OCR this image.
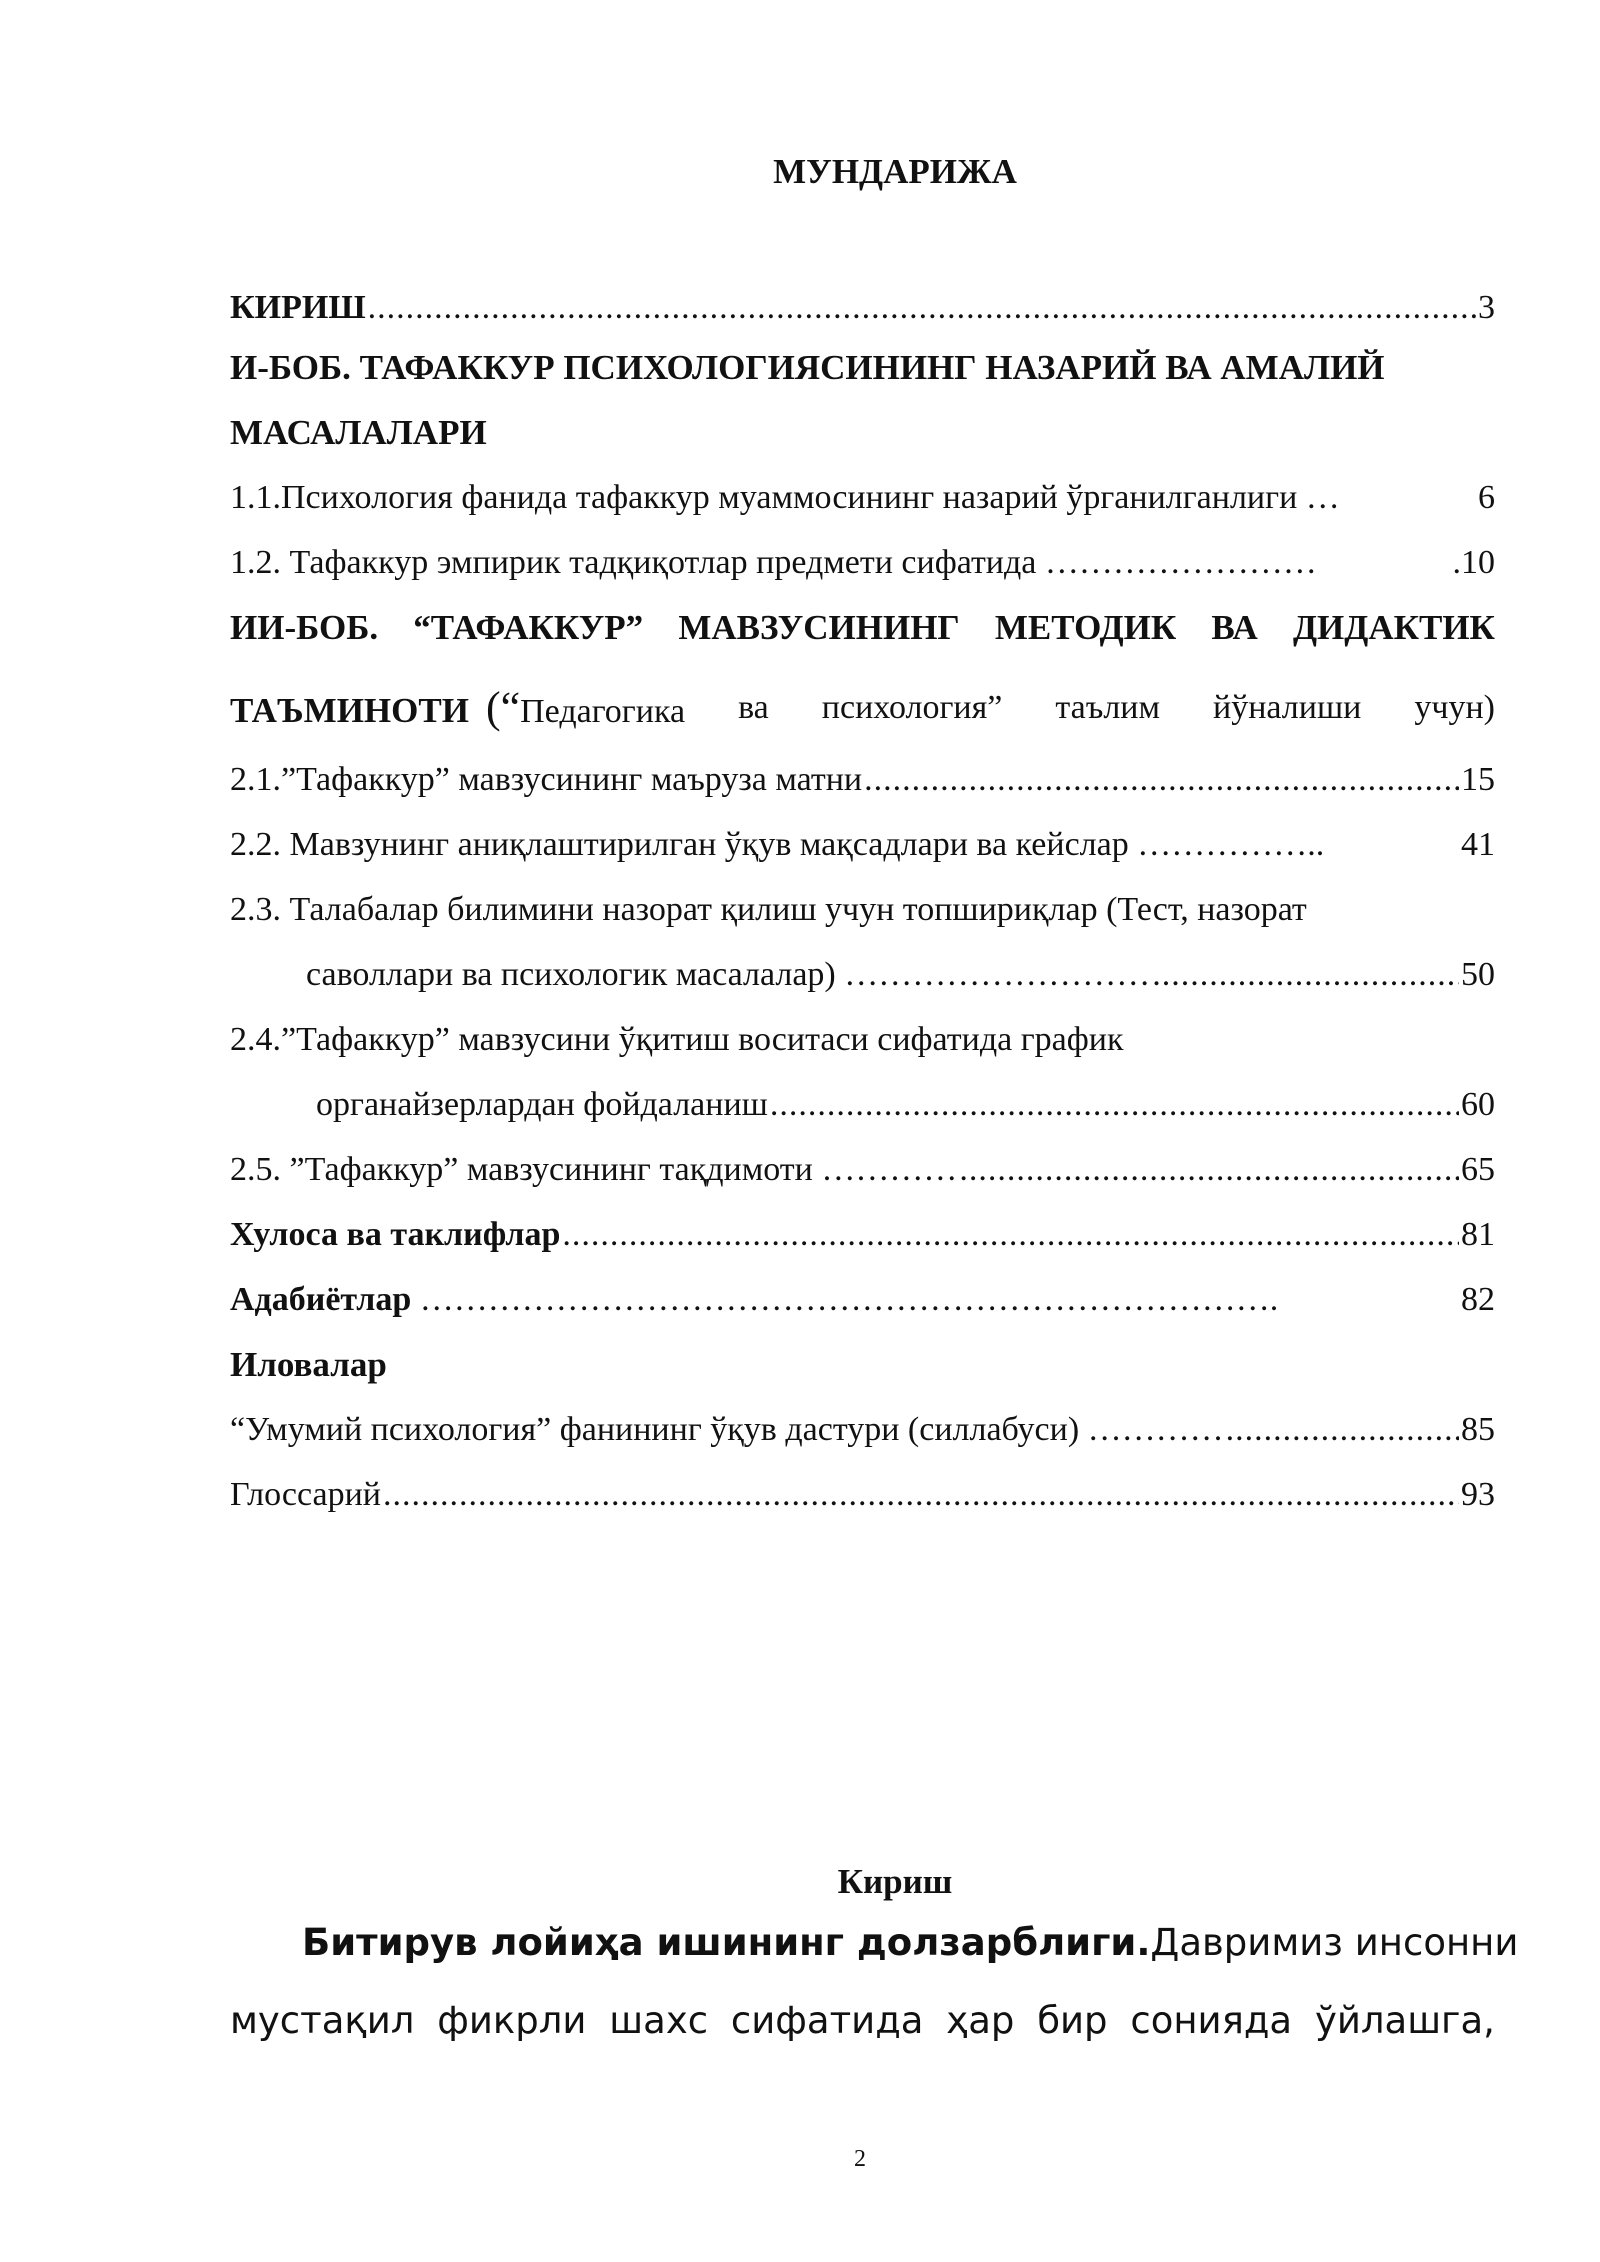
МУНДАРИЖА
КИРИШ .....	3
И-БОБ. ТАФАККУР ПСИХОЛОГИЯСИНИНГ НАЗАРИЙ ВА АМАЛИЙ
МАСАЛАЛАРИ
1.1.Психология фанида тафаккур муаммосининг назарий ўрганилганлиги …	6
1.2. Тафаккур эмпирик тадқиқотлар предмети сифатида ……………………	.10
ИИ-БОБ. “ТАФАККУР” МАВЗУСИНИНГ МЕТОДИК ВА ДИДАКТИК
ТАЪМИНОТИ (“Педагогика ва психология” таълим йўналиши учун)
2.1.”Тафаккур” мавзусининг маъруза матни .....	15
2.2. Мавзунинг аниқлаштирилган ўқув мақсадлари ва кейслар ……………..	41
2.3. Талабалар билимини назорат қилиш учун топшириқлар (Тест, назорат
саволлари ва психологик масалалар) ……………………… .....	50
2.4.”Тафаккур” мавзусини ўқитиш воситаси сифатида график
органайзерлардан фойдаланиш .....	60
2.5. ”Тафаккур” мавзусининг тақдимоти ………… .....	65
Хулоса ва таклифлар .....	81
Адабиётлар ………………………………………………………………….	82
Иловалар
“Умумий психология” фанининг ўқув дастури (силлабуси) ………… .....	85
Глоссарий .....	93
Кириш
Битирув лойиҳа ишининг долзарблиги. Давримиз инсонни
мустақил фикрли шахс сифатида ҳар бир сонияда ўйлашга,
2
